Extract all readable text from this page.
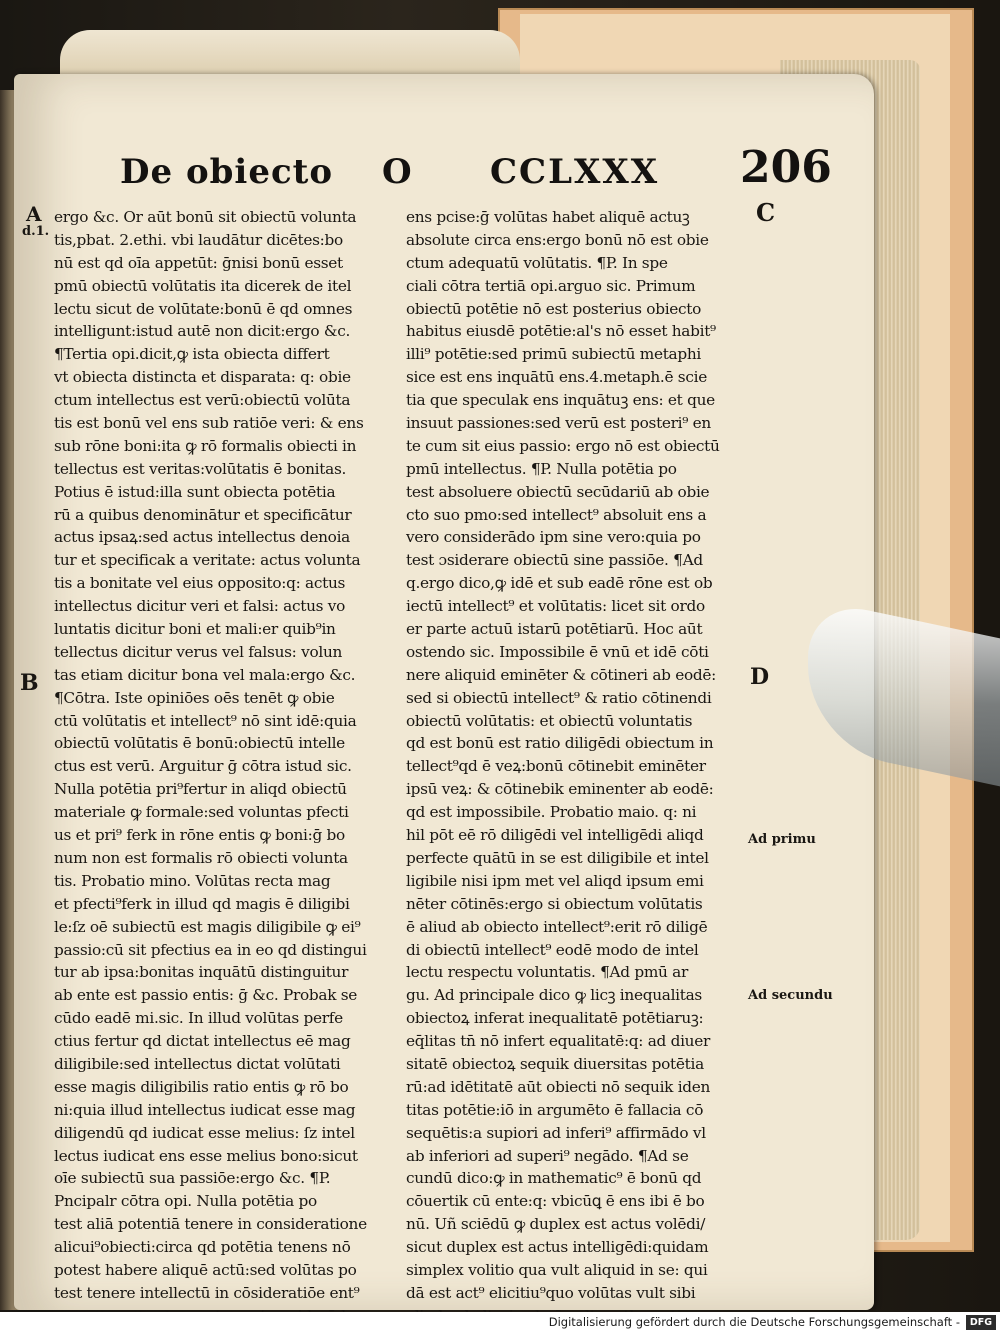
De obiecto O CCLXXX 206
A
d.1.
B
C
D
Ad primu
Ad secundu
ergo &c. Or aūt bonū sit obiectū volunta
tis,pbat. 2.ethi. vbi laudātur dicētes:bo
nū est qd oīa appetūt: ḡnisi bonū esset
pmū obiectū volūtatis ita dicerek de itel
lectu sicut de volūtate:bonū ē qd omnes
intelligunt:istud autē non dicit:ergo &c.
¶Tertia opi.dicit,ꝙ ista obiecta differt
vt obiecta distincta et disparata: q: obie
ctum intellectus est verū:obiectū volūta
tis est bonū vel ens sub ratiōe veri: & ens
sub rōne boni:ita ꝙ rō formalis obiecti in
tellectus est veritas:volūtatis ē bonitas.
Potius ē istud:illa sunt obiecta potētia
rū a quibus denominātur et specificātur
actus ipsaꝝ:sed actus intellectus denoia
tur et specificak a veritate: actus volunta
tis a bonitate vel eius opposito:q: actus
intellectus dicitur veri et falsi: actus vo
luntatis dicitur boni et mali:er quib⁹in
tellectus dicitur verus vel falsus: volun
tas etiam dicitur bona vel mala:ergo &c.
¶Cōtra. Iste opiniōes oēs tenēt ꝙ obie
ctū volūtatis et intellect⁹ nō sint idē:quia
obiectū volūtatis ē bonū:obiectū intelle
ctus est verū. Arguitur ḡ cōtra istud sic.
Nulla potētia pri⁹fertur in aliqd obiectū
materiale ꝙ formale:sed voluntas pfecti
us et pri⁹ ferk in rōne entis ꝙ boni:ḡ bo
num non est formalis rō obiecti volunta
tis. Probatio mino. Volūtas recta mag
et pfecti⁹ferk in illud qd magis ē diligibi
le:ſz oē subiectū est magis diligibile ꝙ ei⁹
passio:cū sit pfectius ea in eo qd distingui
tur ab ipsa:bonitas inquātū distinguitur
ab ente est passio entis: ḡ &c. Probak se
cūdo eadē mi.sic. In illud volūtas perfe
ctius fertur qd dictat intellectus eē mag
diligibile:sed intellectus dictat volūtati
esse magis diligibilis ratio entis ꝙ rō bo
ni:quia illud intellectus iudicat esse mag
diligendū qd iudicat esse melius: ſz intel
lectus iudicat ens esse melius bono:sicut
oīe subiectū sua passiōe:ergo &c. ¶P.
Pncipalr cōtra opi. Nulla potētia po
test aliā potentiā tenere in consideratione
alicui⁹obiecti:circa qd potētia tenens nō
potest habere aliquē actū:sed volūtas po
test tenere intellectū in cōsideratiōe ent⁹
ens pcise:ḡ volūtas habet aliquē actuꝫ
absolute circa ens:ergo bonū nō est obie
ctum adequatū volūtatis. ¶P. In spe
ciali cōtra tertiā opi.arguo sic. Primum
obiectū potētie nō est posterius obiecto
habitus eiusdē potētie:al's nō esset habit⁹
illi⁹ potētie:sed primū subiectū metaphi
sice est ens inquātū ens.4.metaph.ē scie
tia que speculak ens inquātuꝫ ens: et que
insuut passiones:sed verū est posteri⁹ en
te cum sit eius passio: ergo nō est obiectū
pmū intellectus. ¶P. Nulla potētia po
test absoluere obiectū secūdariū ab obie
cto suo pmo:sed intellect⁹ absoluit ens a
vero considerādo ipm sine vero:quia po
test ɔsiderare obiectū sine passiōe. ¶Ad
q.ergo dico,ꝙ idē et sub eadē rōne est ob
iectū intellect⁹ et volūtatis: licet sit ordo
er parte actuū istarū potētiarū. Hoc aūt
ostendo sic. Impossibile ē vnū et idē cōti
nere aliquid eminēter & cōtineri ab eodē:
sed si obiectū intellect⁹ & ratio cōtinendi
obiectū volūtatis: et obiectū voluntatis
qd est bonū est ratio diligēdi obiectum in
tellect⁹qd ē veꝝ:bonū cōtinebit eminēter
ipsū veꝝ: & cōtinebik eminenter ab eodē:
qd est impossibile. Probatio maio. q: ni
hil pōt eē rō diligēdi vel intelligēdi aliqd
perfecte quātū in se est diligibile et intel
ligibile nisi ipm met vel aliqd ipsum emi
nēter cōtinēs:ergo si obiectum volūtatis
ē aliud ab obiecto intellect⁹:erit rō diligē
di obiectū intellect⁹ eodē modo de intel
lectu respectu voluntatis. ¶Ad pmū ar
gu. Ad principale dico ꝙ licꝫ inequalitas
obiectoꝝ inferat inequalitatē potētiaruꝫ:
eq̄litas tn̄ nō infert equalitatē:q: ad diuer
sitatē obiectoꝝ sequik diuersitas potētia
rū:ad idētitatē aūt obiecti nō sequik iden
titas potētie:iō in argumēto ē fallacia cō
sequētis:a supiori ad inferi⁹ affirmādo vl
ab inferiori ad superi⁹ negādo. ¶Ad se
cundū dico:ꝙ in mathematic⁹ ē bonū qd
cōuertik cū ente:q: vbicūꝗ ē ens ibi ē bo
nū. Uñ sciēdū ꝙ duplex est actus volēdi/
sicut duplex est actus intelligēdi:quidam
simplex volitio qua vult aliquid in se: qui
dā est act⁹ elicitiu⁹quo volūtas vult sibi
Digitalisierung gefördert durch die Deutsche Forschungsgemeinschaft -	DFG
